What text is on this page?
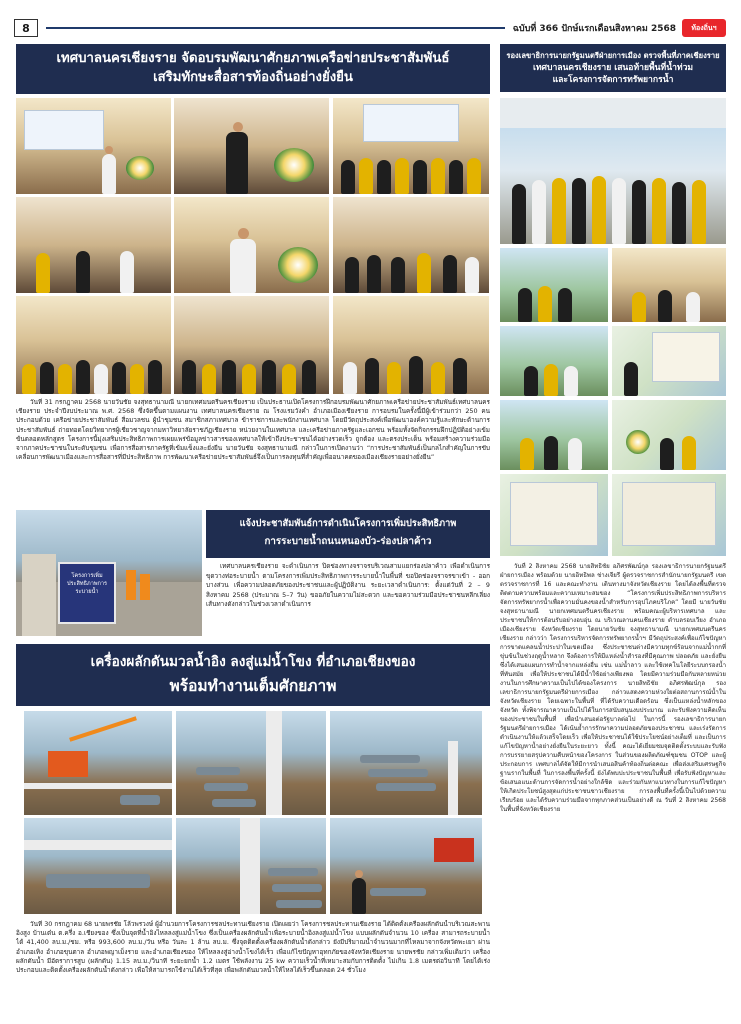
8	ฉบับที่ 366 ปักษ์แรกเดือนสิงหาคม 2568	ท้องถิ่นฯ
เทศบาลนครเชียงราย จัดอบรมพัฒนาศักยภาพเครือข่ายประชาสัมพันธ์
เสริมทักษะสื่อสารท้องถิ่นอย่างยั่งยืน
วันที่ 31 กรกฎาคม 2568 นายวันชัย จงสุทธานามณี นายกเทศมนตรีนครเชียงราย เป็นประธานเปิดโครงการฝึกอบรมพัฒนาศักยภาพเครือข่ายประชาสัมพันธ์เทศบาลนครเชียงราย ประจำปีงบประมาณ พ.ศ. 2568 ซึ่งจัดขึ้นตามแผนงาน เทศบาลนครเชียงราย ณ โรงแรมวังคำ อำเภอเมืองเชียงราย การอบรมในครั้งนี้มีผู้เข้าร่วมกว่า 250 คน ประกอบด้วย เครือข่ายประชาสัมพันธ์ สื่อมวลชน ผู้นำชุมชน สมาชิกสภาเทศบาล ข้าราชการและพนักงานเทศบาล โดยมีวัตถุประสงค์เพื่อพัฒนาองค์ความรู้และทักษะด้านการประชาสัมพันธ์ ถ่ายทอดโดยวิทยากรผู้เชี่ยวชาญจากมหาวิทยาลัยราชภัฏเชียงราย หน่วยงานในเทศบาล และเครือข่ายภาครัฐและเอกชน พร้อมทั้งจัดกิจกรรมฝึกปฏิบัติอย่างเข้มข้นตลอดหลักสูตร โครงการนี้มุ่งเสริมประสิทธิภาพการเผยแพร่ข้อมูลข่าวสารของเทศบาลให้เข้าถึงประชาชนได้อย่างรวดเร็ว ถูกต้อง และตรงประเด็น พร้อมสร้างความร่วมมือจากภาคประชาชนในระดับชุมชน เพื่อการสื่อสารภาครัฐที่เข้มแข็งและยั่งยืน นายวันชัย จงสุทธานามณี กล่าวในการเปิดงานว่า “การประชาสัมพันธ์เป็นกลไกสำคัญในการขับเคลื่อนการพัฒนาเมืองและการสื่อสารที่มีประสิทธิภาพ การพัฒนาเครือข่ายประชาสัมพันธ์จึงเป็นการลงทุนที่สำคัญเพื่ออนาคตของเมืองเชียงรายอย่างยั่งยืน”
โครงการเพิ่มประสิทธิภาพการระบายน้ำ
แจ้งประชาสัมพันธ์การดำเนินโครงการเพิ่มประสิทธิภาพ
การระบายน้ำถนนหนองบัว-ร่องปลาค้าว
เทศบาลนครเชียงราย จะดำเนินการ ปิดช่องทางจราจรบริเวณสามแยกร่องปลาค้าว เพื่อดำเนินการ ขุดวางท่อระบายน้ำ ตามโครงการเพิ่มประสิทธิภาพการระบายน้ำในพื้นที่ ขอปิดช่องจราจรขาเข้า - ออก บางส่วน เพื่อความปลอดภัยของประชาชนและผู้ปฏิบัติงาน ระยะเวลาดำเนินการ: ตั้งแต่วันที่ 2 – 9 สิงหาคม 2568 (ประมาณ 5–7 วัน) ขออภัยในความไม่สะดวก และขอความร่วมมือประชาชนหลีกเลี่ยงเส้นทางดังกล่าวในช่วงเวลาดำเนินการ
เครื่องผลักดันมวลน้ำอิง ลงสู่แม่น้ำโขง ที่อำเภอเชียงของ
พร้อมทำงานเต็มศักยภาพ
วันที่ 30 กรกฎาคม 68 นายพรชัย โล้วพรวงษ์ ผู้อำนวยการโครงการชลประทานเชียงราย เปิดเผยว่า โครงการชลประทานเชียงราย ได้ติดตั้งเครื่องผลักดันน้ำบริเวณสะพานอิงสูง บ้านเต๋น ต.ครึ่ง อ.เชียงของ ซึ่งเป็นจุดที่น้ำอิงไหลลงสู่แม่น้ำโขง ซึ่งเป็นเครื่องผลักดันน้ำเพื่อระบายน้ำอิงลงสู่แม่น้ำโขง แบบผลักดันจำนวน 10 เครื่อง สามารถระบายน้ำได้ 41,400 ลบ.ม./ชม. หรือ 993,600 ลบ.ม./วัน หรือ วันละ 1 ล้าน ลบ.ม. ซึ่งจุดติดตั้งเครื่องผลักดันน้ำดังกล่าว ยังมีปริมาณน้ำจำนวนมากที่ไหลมาจากจังหวัดพะเยา ผ่านอำเภอเทิง อำเภอขุนตาล อำเภอพญาเม็งราย และอำเภอเชียงของ ให้ไหลลงสู่อ่างน้ำโขงได้เร็ว เพื่อแก้ไขปัญหาอุทกภัยของจังหวัดเชียงราย นายพรชัย กล่าวเพิ่มเติมว่า เครื่องผลักดันน้ำ มีอัตราการสูบ (ผลักดัน) 1.15 ลบ.ม./วินาที ระยะยกน้ำ 1.2 เมตร ใช้พลังงาน 25 kw ความเร็วน้ำที่เหมาะสมกับการติดตั้ง ไม่เกิน 1.8 เมตรต่อวินาที โดยได้เร่งประกอบและติดตั้งเครื่องผลักดันน้ำดังกล่าว เพื่อให้สามารถใช้งานได้เร็วที่สุด เพื่อพลักดันมวลน้ำให้ไหลได้เร็วขึ้นตลอด 24 ชั่วโมง
รองเลขาธิการนายกรัฐมนตรีฝ่ายการเมือง ตรวจพื้นที่ภาคเชียงราย
เทศบาลนครเชียงราย เสนอท้ายพื้นที่น้ำท่วม
และโครงการจัดการทรัพยากรน้ำ
วันที่ 2 สิงหาคม 2568 นายสิทธิชัย อภิศรพัฒน์กุล รองเลขาธิการนายกรัฐมนตรีฝ่ายการเมือง พร้อมด้วย นายอิทธิพล ช่างเจียรี ผู้ตรวจราชการสำนักนายกรัฐมนตรี เขตตรวจราชการที่ 16 และคณะทำงาน เดินทางมาจังหวัดเชียงราย โดยได้ลงพื้นที่ตรวจติดตามความพร้อมและความเหมาะสมของ “โครงการเพิ่มประสิทธิภาพการบริหารจัดการทรัพยากรน้ำเพื่อความมั่นคงของน้ำสำหรับการอุปโภคบริโภค” โดยมี นายวันชัย จงสุทธานามณี นายกเทศมนตรีนครเชียงราย พร้อมคณะผู้บริหารเทศบาล และประชาชนให้การต้อนรับอย่างอบอุ่น ณ บริเวณลานคนเชียงราย ตำบลรอบเวียง อำเภอเมืองเชียงราย จังหวัดเชียงราย โดยนายวันชัย จงสุทธานามณี นายกเทศมนตรีนครเชียงราย กล่าวว่า โครงการบริหารจัดการทรัพยากรน้ำฯ มีวัตถุประสงค์เพื่อแก้ไขปัญหาการขาดแคลนน้ำประปาในเขตเมือง ซึ่งประชาชนต่างมีความทุกข์ร้อนจากแม่น้ำกกที่ขุ่นข้นในช่วงฤดูน้ำหลาก จึงต้องการให้มีแหล่งน้ำสำรองที่มีคุณภาพ ปลอดภัย และยั่งยืน ซึ่งได้เสนอแผนการทำน้ำจากแหล่งอื่น เช่น แม่น้ำลาว และใช้เทคโนโลยีระบบกรองน้ำที่ทันสมัย เพื่อให้ประชาชนได้มีน้ำใช้อย่างเพียงพอ โดยมีความร่วมมือกันหลายหน่วยงานในการศึกษาความเป็นไปได้ของโครงการ นายสิทธิชัย อภิศรพัฒน์กุล รองเลขาธิการนายกรัฐมนตรีฝ่ายการเมือง กล่าวแสดงความห่วงใยต่อสถานการณ์น้ำในจังหวัดเชียงราย โดยเฉพาะในพื้นที่ ที่ได้รับความเดือดร้อน ซึ่งเป็นแหล่งน้ำหลักของจังหวัด ทั้งพิจารณาความเป็นไปได้ในการสนับสนุนงบประมาณ และรับฟังความคิดเห็นของประชาชนในพื้นที่ เพื่อนำเสนอต่อรัฐบาลต่อไป ในการนี้ รองเลขาธิการนายกรัฐมนตรีฝ่ายการเมือง ได้เน้นย้ำการรักษาความปลอดภัยของประชาชน และเร่งรัดการดำเนินงานให้แล้วเสร็จโดยเร็ว เพื่อให้ประชาชนได้ใช้ประโยชน์อย่างเต็มที่ และเป็นการแก้ไขปัญหาน้ำอย่างยั่งยืนในระยะยาว ทั้งนี้ คณะได้เยี่ยมชมจุดติดตั้งระบบและรับฟังการบรรยายสรุปความคืบหน้าของโครงการ ในส่วนของผลิตภัณฑ์ชุมชน OTOP และผู้ประกอบการ เทศบาลได้จัดให้มีการนำเสนอสินค้าท้องถิ่นต่อคณะ เพื่อส่งเสริมเศรษฐกิจฐานรากในพื้นที่ ในการลงพื้นที่ครั้งนี้ ยังได้พบปะประชาชนในพื้นที่ เพื่อรับฟังปัญหาและข้อเสนอแนะด้านการจัดการน้ำอย่างใกล้ชิด และร่วมกันหาแนวทางในการแก้ไขปัญหาให้เกิดประโยชน์สูงสุดแก่ประชาชนชาวเชียงราย การลงพื้นที่ครั้งนี้เป็นไปด้วยความเรียบร้อย และได้รับความร่วมมือจากทุกภาคส่วนเป็นอย่างดี ณ วันที่ 2 สิงหาคม 2568 ในพื้นที่จังหวัดเชียงราย
